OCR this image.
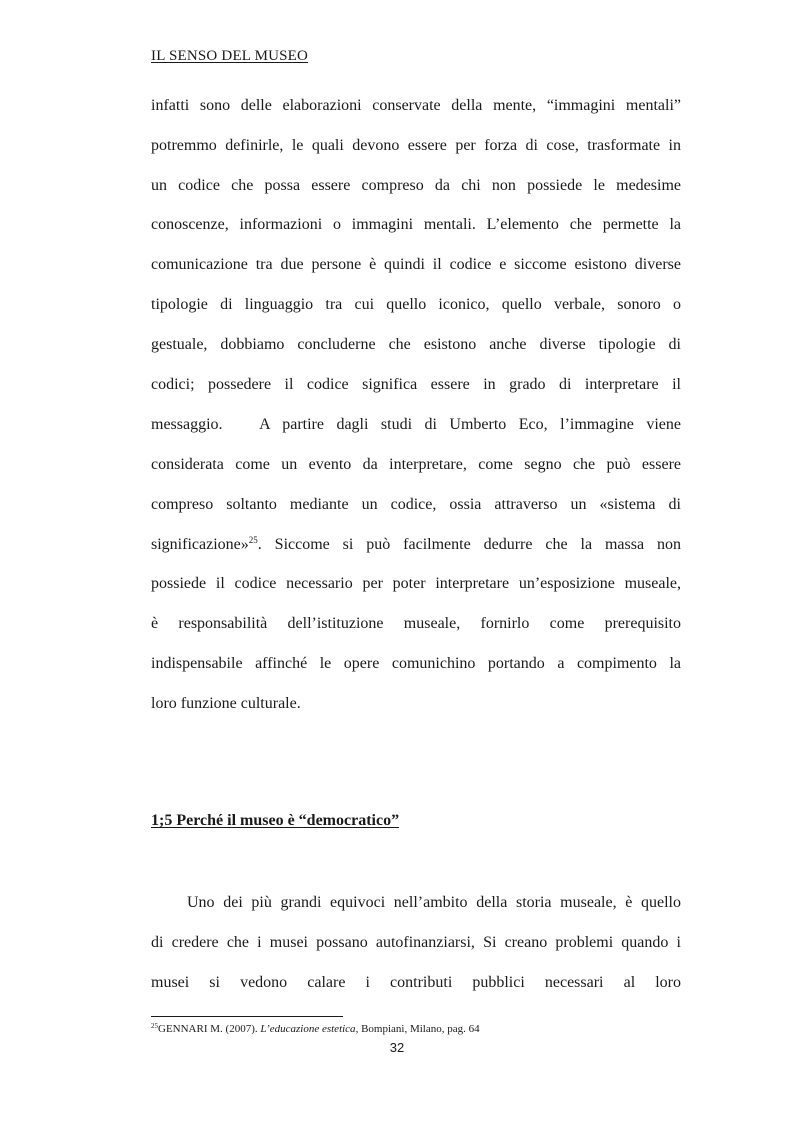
IL SENSO DEL MUSEO
infatti sono delle elaborazioni conservate della mente, “immagini mentali”
potremmo definirle, le quali devono essere per forza di cose, trasformate in
un codice che possa essere compreso da chi non possiede le medesime
conoscenze, informazioni o immagini mentali. L’elemento che permette la
comunicazione tra due persone è quindi il codice e siccome esistono diverse
tipologie di linguaggio tra cui quello iconico, quello verbale, sonoro o
gestuale, dobbiamo concluderne che esistono anche diverse tipologie di
codici; possedere il codice significa essere in grado di interpretare il
messaggio.   A partire dagli studi di Umberto Eco, l’immagine viene
considerata come un evento da interpretare, come segno che può essere
compreso soltanto mediante un codice, ossia attraverso un «sistema di
significazione»$^{25}$. Siccome si può facilmente dedurre che la massa non
possiede il codice necessario per poter interpretare un’esposizione museale,
è responsabilità dell’istituzione museale, fornirlo come prerequisito
indispensabile affinché le opere comunichino portando a compimento la
loro funzione culturale.
1;5 Perché il museo è “democratico”
Uno dei più grandi equivoci nell’ambito della storia museale, è quello
di credere che i musei possano autofinanziarsi, Si creano problemi quando i
musei si vedono calare i contributi pubblici necessari al loro
$^{25}$GENNARI M. (2007). L’educazione estetica, Bompiani, Milano, pag. 64
32
